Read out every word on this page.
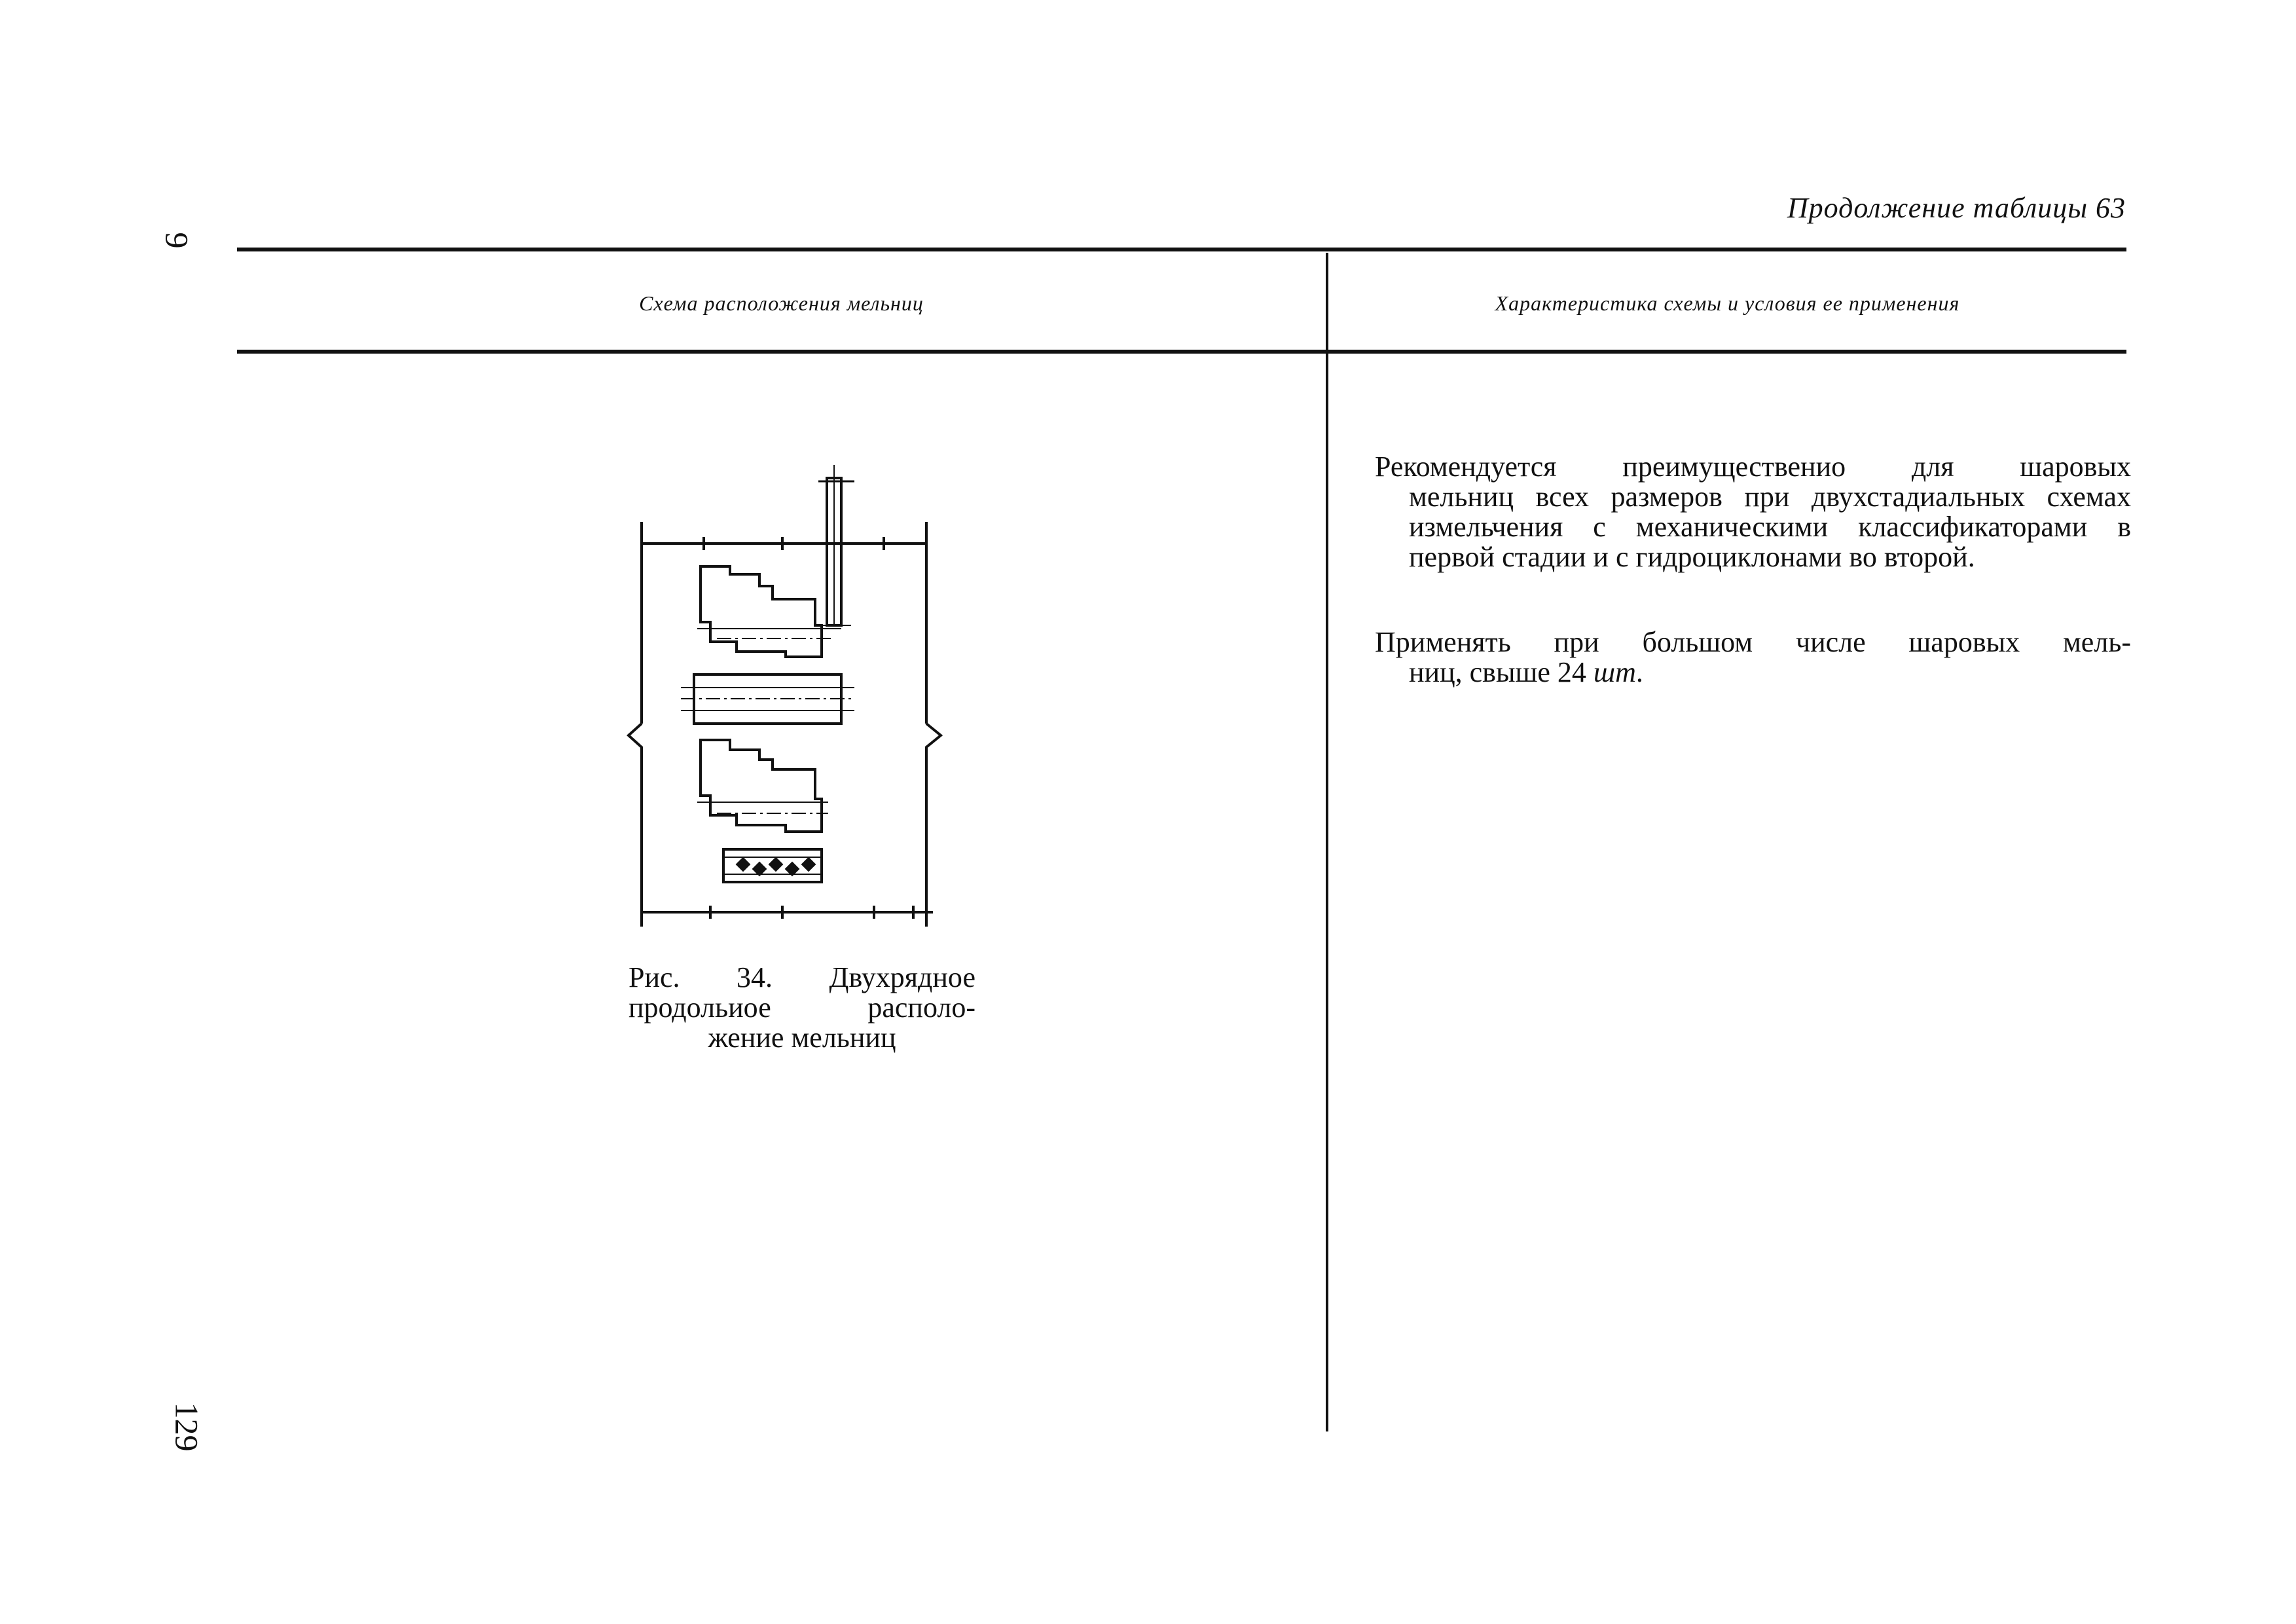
9
129
Продолжение таблицы 63
Схема расположения мельниц	Характеристика схемы и условия ее применения
Рис. 34. Двухрядное
продольиое располо-
жение мельниц

Рекомендуется преимущественио для шаровых

мельниц всех размеров при двухстадиальных схемах измельчения с механическими классификаторами в первой стадии и с гидроциклонами во второй.

Применять при большом числе шаровых мель-

ниц, свыше 24 шт.
